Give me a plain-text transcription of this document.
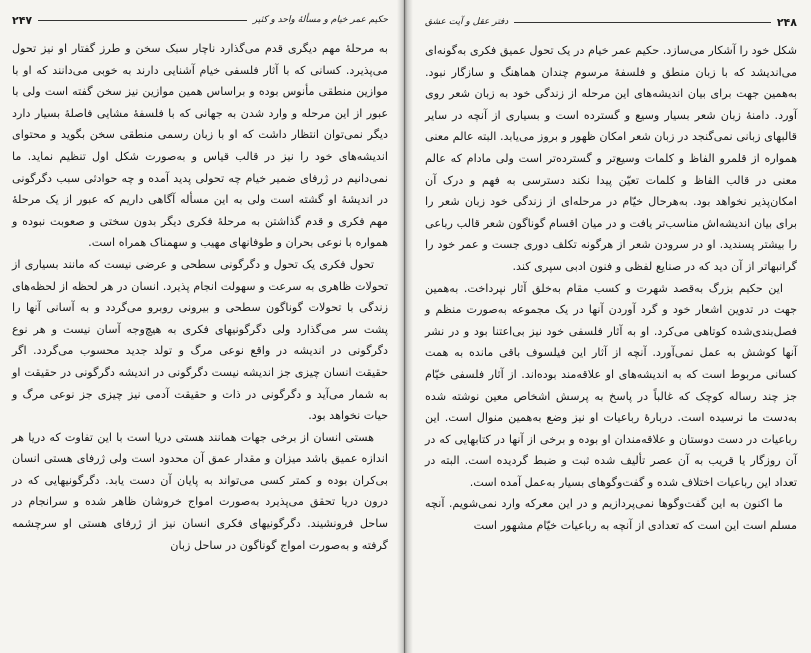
۲۴۷	حکیم عمر خیام و مسألهٔ واحد و کثیر

به مرحلهٔ مهم دیگری قدم می‌گذارد ناچار سبک سخن و طرز گفتار او نیز تحول می‌پذیرد. کسانی که با آثار فلسفی خیام آشنایی دارند به خوبی می‌دانند که او با موازین منطقی مأنوس بوده و براساس همین موازین نیز سخن گفته است ولی با عبور از این مرحله و وارد شدن به جهانی که با فلسفهٔ مشایی فاصلهٔ بسیار دارد دیگر نمی‌توان انتظار داشت که او با زبان رسمی منطقی سخن بگوید و محتوای اندیشه‌های خود را نیز در قالب قیاس و به‌صورت شکل اول تنظیم نماید. ما نمی‌دانیم در ژرفای ضمیر خیام چه تحولی پدید آمده و چه حوادثی سبب دگرگونی در اندیشهٔ او گشته است ولی به این مسأله آگاهی داریم که عبور از یک مرحلهٔ مهم فکری و قدم گذاشتن به مرحلهٔ فکری دیگر بدون سختی و صعوبت نبوده و همواره با نوعی بحران و طوفانهای مهیب و سهمناک همراه است.

تحول فکری یک تحول و دگرگونی سطحی و عرضی نیست که مانند بسیاری از تحولات ظاهری به سرعت و سهولت انجام پذیرد. انسان در هر لحظه از لحظه‌های زندگی با تحولات گوناگون سطحی و بیرونی روبرو می‌گردد و به آسانی آنها را پشت سر می‌گذارد ولی دگرگونیهای فکری به هیچ‌وجه آسان نیست و هر نوع دگرگونی در اندیشه در واقع نوعی مرگ و تولد جدید محسوب می‌گردد. اگر حقیقت انسان چیزی جز اندیشه نیست دگرگونی در اندیشه دگرگونی در حقیقت او به شمار می‌آید و دگرگونی در ذات و حقیقت آدمی نیز چیزی جز نوعی مرگ و حیات نخواهد بود.

هستی انسان از برخی جهات همانند هستی دریا است با این تفاوت که دریا هر اندازه عمیق باشد میزان و مقدار عمق آن محدود است ولی ژرفای هستی انسان بی‌کران بوده و کمتر کسی می‌تواند به پایان آن دست یابد. دگرگونیهایی که در درون دریا تحقق می‌پذیرد به‌صورت امواج خروشان ظاهر شده و سرانجام در ساحل فرونشیند. دگرگونیهای فکری انسان نیز از ژرفای هستی او سرچشمه گرفته و به‌صورت امواج گوناگون در ساحل زبان

دفتر عقل و آیت عشق	۲۴۸

شکل خود را آشکار می‌سازد. حکیم عمر خیام در یک تحول عمیق فکری به‌گونه‌ای می‌اندیشد که با زبان منطق و فلسفهٔ مرسوم چندان هماهنگ و سازگار نبود. به‌همین جهت برای بیان اندیشه‌های این مرحله از زندگی خود به زبان شعر روی آورد. دامنهٔ زبان شعر بسیار وسیع و گسترده است و بسیاری از آنچه در سایر قالبهای زبانی نمی‌گنجد در زبان شعر امکان ظهور و بروز می‌یابد. البته عالم معنی همواره از قلمرو الفاظ و کلمات وسیع‌تر و گسترده‌تر است ولی مادام که عالم معنی در قالب الفاظ و کلمات تعیّن پیدا نکند دسترسی به فهم و درک آن امکان‌پذیر نخواهد بود. به‌هرحال خیّام در مرحله‌ای از زندگی خود زبان شعر را برای بیان اندیشه‌اش مناسب‌تر یافت و در میان اقسام گوناگون شعر قالب رباعی را بیشتر پسندید. او در سرودن شعر از هرگونه تکلف دوری جست و عمر خود را گرانبهاتر از آن دید که در صنایع لفظی و فنون ادبی سپری کند.

این حکیم بزرگ به‌قصد شهرت و کسب مقام به‌خلق آثار نپرداخت. به‌همین جهت در تدوین اشعار خود و گرد آوردن آنها در یک مجموعه به‌صورت منظم و فصل‌بندی‌شده کوتاهی می‌کرد. او به آثار فلسفی خود نیز بی‌اعتنا بود و در نشر آنها کوشش به عمل نمی‌آورد. آنچه از آثار این فیلسوف باقی مانده به همت کسانی مربوط است که به اندیشه‌های او علاقه‌مند بوده‌اند. از آثار فلسفی خیّام جز چند رساله کوچک که غالباً در پاسخ به پرسش اشخاص معین نوشته شده به‌دست ما نرسیده است. دربارهٔ رباعیات او نیز وضع به‌همین منوال است. این رباعیات در دست دوستان و علاقه‌مندان او بوده و برخی از آنها در کتابهایی که در آن روزگار یا قریب به آن عصر تألیف شده ثبت و ضبط گردیده است. البته در تعداد این رباعیات اختلاف شده و گفت‌وگوهای بسیار به‌عمل آمده است.

ما اکنون به این گفت‌وگوها نمی‌پردازیم و در این معرکه وارد نمی‌شویم. آنچه مسلم است این است که تعدادی از آنچه به رباعیات خیّام مشهور است
